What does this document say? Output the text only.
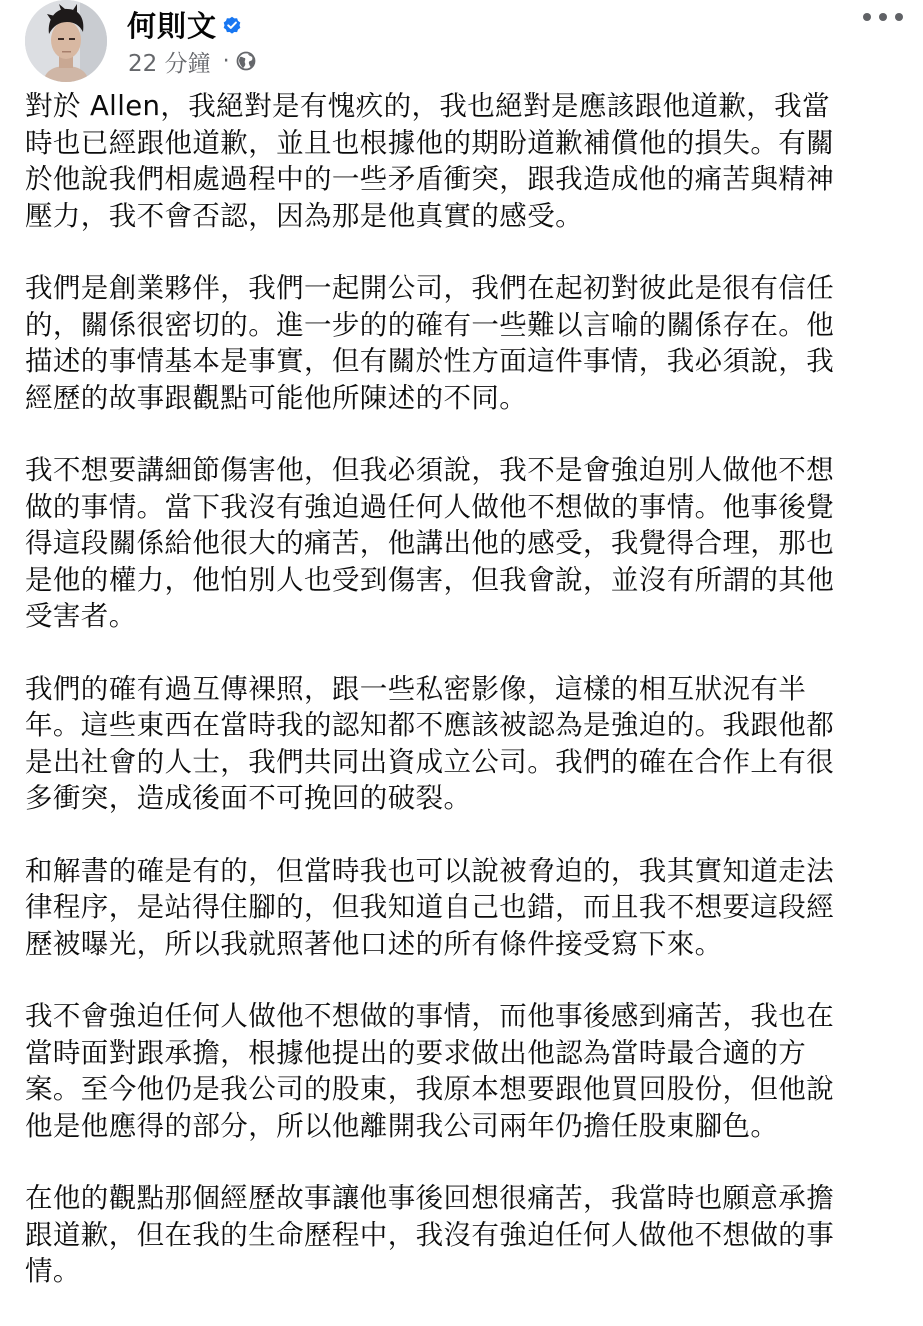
何則文
22 分鐘 ·

對於 Allen，我絕對是有愧疚的，我也絕對是應該跟他道歉，我當
時也已經跟他道歉，並且也根據他的期盼道歉補償他的損失。有關
於他說我們相處過程中的一些矛盾衝突，跟我造成他的痛苦與精神
壓力，我不會否認，因為那是他真實的感受。

我們是創業夥伴，我們一起開公司，我們在起初對彼此是很有信任
的，關係很密切的。進一步的的確有一些難以言喻的關係存在。他
描述的事情基本是事實，但有關於性方面這件事情，我必須說，我
經歷的故事跟觀點可能他所陳述的不同。

我不想要講細節傷害他，但我必須說，我不是會強迫別人做他不想
做的事情。當下我沒有強迫過任何人做他不想做的事情。他事後覺
得這段關係給他很大的痛苦，他講出他的感受，我覺得合理，那也
是他的權力，他怕別人也受到傷害，但我會說，並沒有所謂的其他
受害者。

我們的確有過互傳裸照，跟一些私密影像，這樣的相互狀況有半
年。這些東西在當時我的認知都不應該被認為是強迫的。我跟他都
是出社會的人士，我們共同出資成立公司。我們的確在合作上有很
多衝突，造成後面不可挽回的破裂。

和解書的確是有的，但當時我也可以說被脅迫的，我其實知道走法
律程序，是站得住腳的，但我知道自己也錯，而且我不想要這段經
歷被曝光，所以我就照著他口述的所有條件接受寫下來。

我不會強迫任何人做他不想做的事情，而他事後感到痛苦，我也在
當時面對跟承擔，根據他提出的要求做出他認為當時最合適的方
案。至今他仍是我公司的股東，我原本想要跟他買回股份，但他說
他是他應得的部分，所以他離開我公司兩年仍擔任股東腳色。

在他的觀點那個經歷故事讓他事後回想很痛苦，我當時也願意承擔
跟道歉，但在我的生命歷程中，我沒有強迫任何人做他不想做的事
情。
